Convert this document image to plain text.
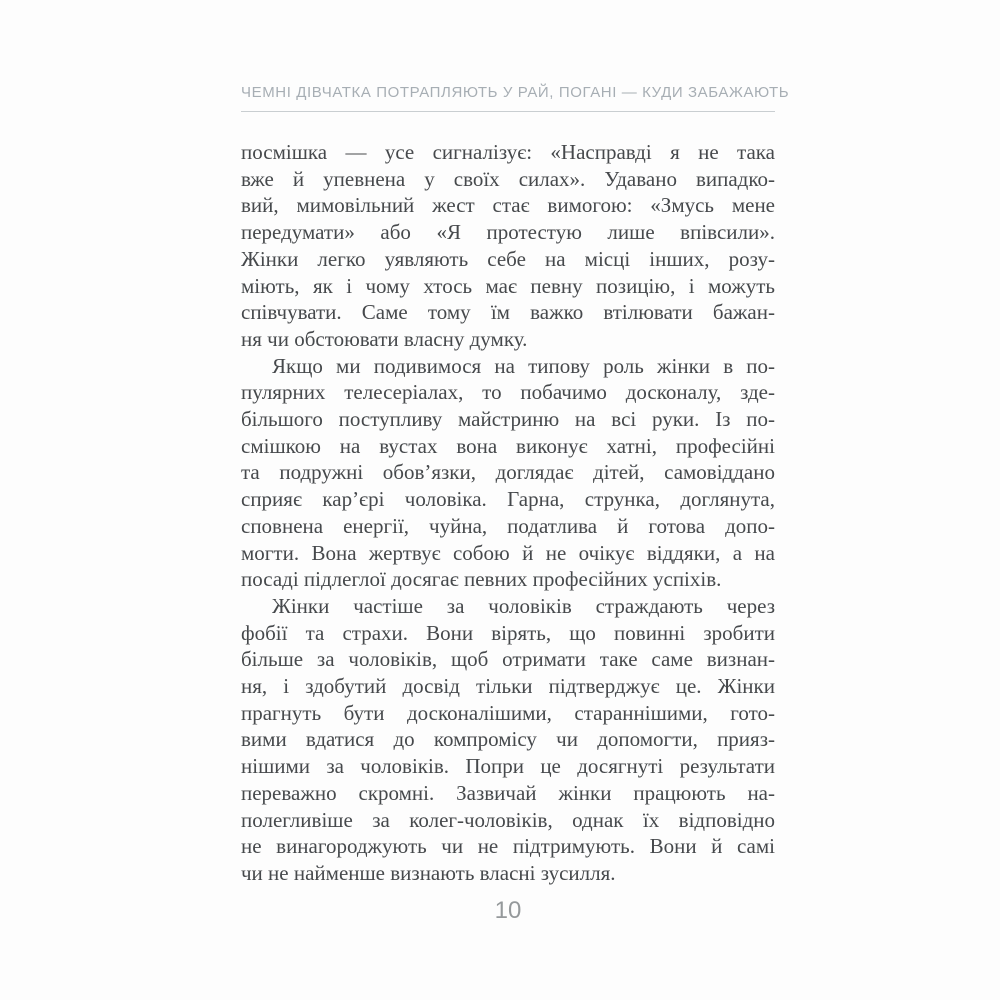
ЧЕМНІ ДІВЧАТКА ПОТРАПЛЯЮТЬ У РАЙ, ПОГАНІ — КУДИ ЗАБАЖАЮТЬ
посмішка — усе сигналізує: «Насправді я не така
вже й упевнена у своїх силах». Удавано випадко-
вий, мимовільний жест стає вимогою: «Змусь мене
передумати» або «Я протестую лише впівсили».
Жінки легко уявляють себе на місці інших, розу-
міють, як і чому хтось має певну позицію, і можуть
співчувати. Саме тому їм важко втілювати бажан-
ня чи обстоювати власну думку.
Якщо ми подивимося на типову роль жінки в по-
пулярних телесеріалах, то побачимо досконалу, зде-
більшого поступливу майстриню на всі руки. Із по-
смішкою на вустах вона виконує хатні, професійні
та подружні обов’язки, доглядає дітей, самовіддано
сприяє кар’єрі чоловіка. Гарна, струнка, доглянута,
сповнена енергії, чуйна, податлива й готова допо-
могти. Вона жертвує собою й не очікує віддяки, а на
посаді підлеглої досягає певних професійних успіхів.
Жінки частіше за чоловіків страждають через
фобії та страхи. Вони вірять, що повинні зробити
більше за чоловіків, щоб отримати таке саме визнан-
ня, і здобутий досвід тільки підтверджує це. Жінки
прагнуть бути досконалішими, стараннішими, гото-
вими вдатися до компромісу чи допомогти, прияз-
нішими за чоловіків. Попри це досягнуті результати
переважно скромні. Зазвичай жінки працюють на-
полегливіше за колег-чоловіків, однак їх відповідно
не винагороджують чи не підтримують. Вони й самі
чи не найменше визнають власні зусилля.
10
